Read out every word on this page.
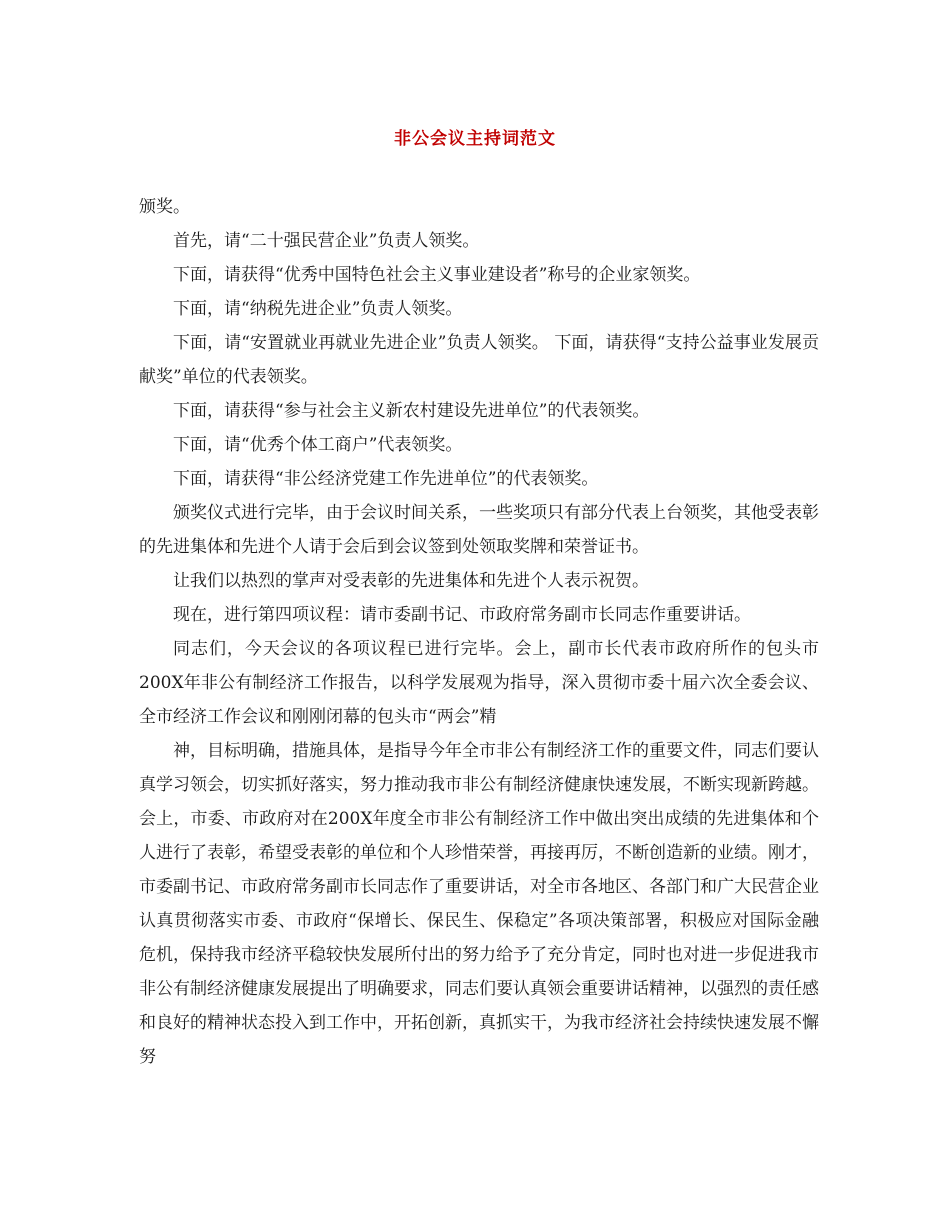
非公会议主持词范文

颁奖。

首先，请“二十强民营企业”负责人领奖。

下面，请获得“优秀中国特色社会主义事业建设者”称号的企业家领奖。

下面，请“纳税先进企业”负责人领奖。

下面，请“安置就业再就业先进企业”负责人领奖。 下面，请获得“支持公益事业发展贡献奖”单位的代表领奖。

下面，请获得“参与社会主义新农村建设先进单位”的代表领奖。

下面，请“优秀个体工商户”代表领奖。

下面，请获得“非公经济党建工作先进单位”的代表领奖。

颁奖仪式进行完毕，由于会议时间关系，一些奖项只有部分代表上台领奖，其他受表彰的先进集体和先进个人请于会后到会议签到处领取奖牌和荣誉证书。

让我们以热烈的掌声对受表彰的先进集体和先进个人表示祝贺。

现在，进行第四项议程：请市委副书记、市政府常务副市长同志作重要讲话。

同志们，今天会议的各项议程已进行完毕。会上，副市长代表市政府所作的包头市200X年非公有制经济工作报告，以科学发展观为指导，深入贯彻市委十届六次全委会议、全市经济工作会议和刚刚闭幕的包头市“两会”精

神，目标明确，措施具体，是指导今年全市非公有制经济工作的重要文件，同志们要认真学习领会，切实抓好落实，努力推动我市非公有制经济健康快速发展，不断实现新跨越。会上，市委、市政府对在200X年度全市非公有制经济工作中做出突出成绩的先进集体和个人进行了表彰，希望受表彰的单位和个人珍惜荣誉，再接再厉，不断创造新的业绩。刚才，市委副书记、市政府常务副市长同志作了重要讲话，对全市各地区、各部门和广大民营企业认真贯彻落实市委、市政府“保增长、保民生、保稳定”各项决策部署，积极应对国际金融危机，保持我市经济平稳较快发展所付出的努力给予了充分肯定，同时也对进一步促进我市非公有制经济健康发展提出了明确要求，同志们要认真领会重要讲话精神，以强烈的责任感和良好的精神状态投入到工作中，开拓创新，真抓实干，为我市经济社会持续快速发展不懈努
